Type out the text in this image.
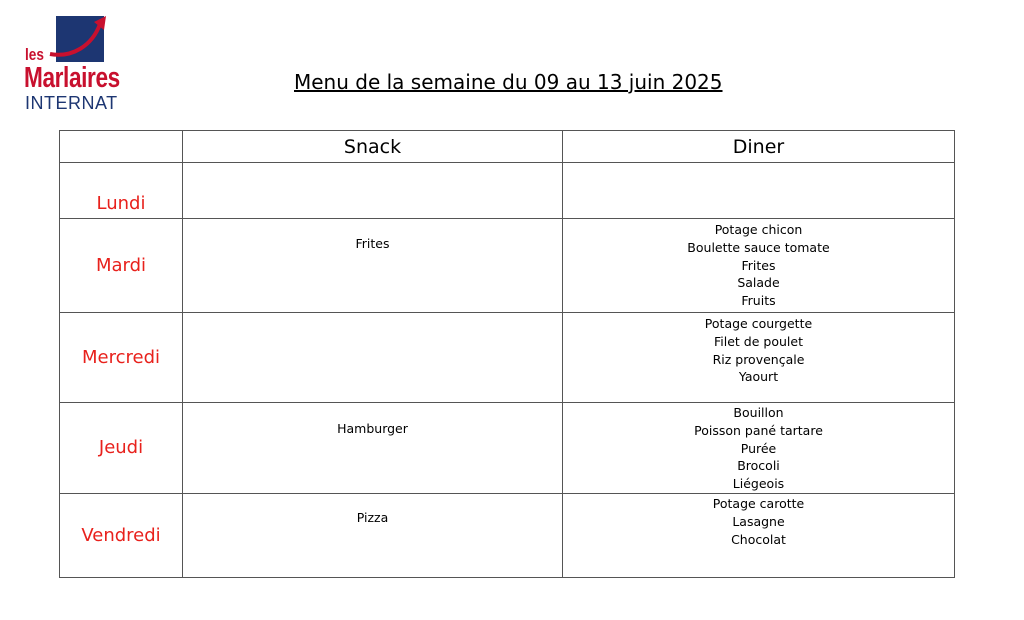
les
Marlaires
INTERNAT
Menu de la semaine du 09 au 13 juin 2025
	Snack	Diner
Lundi		

Mardi	Frites	Potage chicon
Boulette sauce tomate
Frites
Salade
Fruits

Mercredi		Potage courgette
Filet de poulet
Riz provençale
Yaourt

Jeudi	Hamburger	Bouillon
Poisson pané tartare
Purée
Brocoli
Liégeois

Vendredi	Pizza	Potage carotte
Lasagne
Chocolat
